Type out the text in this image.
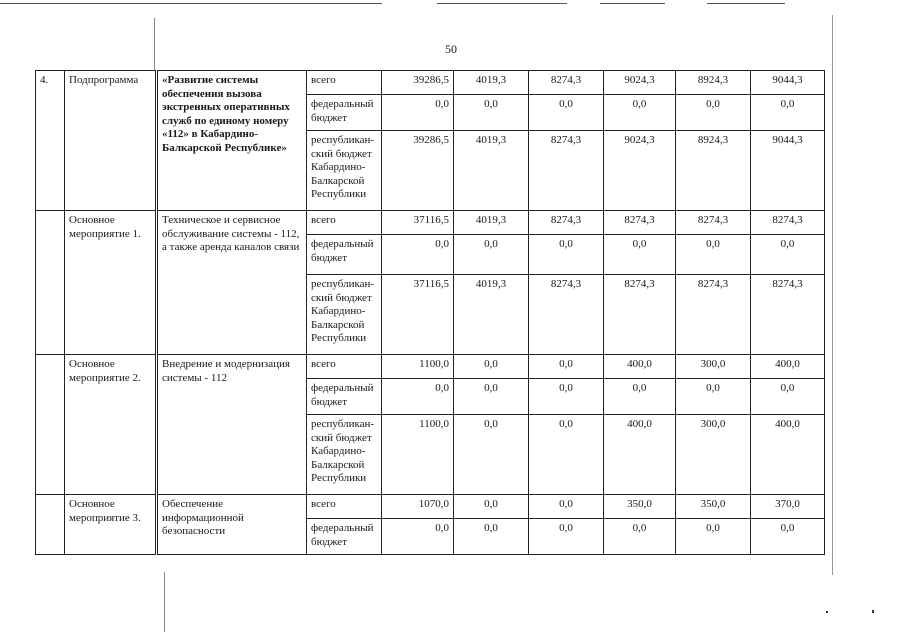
50
4.	Подпрограмма	«Развитие системы обеспечения вызова экстренных оперативных служб по единому номеру «112» в Кабардино-Балкарской Республике»	всего	39286,5	4019,3	8274,3	9024,3	8924,3	9044,3
			федеральный бюджет	0,0	0,0	0,0	0,0	0,0	0,0
			республикан-ский бюджет Кабардино-Балкарской Республики	39286,5	4019,3	8274,3	9024,3	8924,3	9044,3
	Основное мероприятие 1.	Техническое и сервисное обслуживание системы - 112, а также аренда каналов связи	всего	37116,5	4019,3	8274,3	8274,3	8274,3	8274,3
			федеральный бюджет	0,0	0,0	0,0	0,0	0,0	0,0
			республикан-ский бюджет Кабардино-Балкарской Республики	37116,5	4019,3	8274,3	8274,3	8274,3	8274,3
	Основное мероприятие 2.	Внедрение и модернизация системы - 112	всего	1100,0	0,0	0,0	400,0	300,0	400,0
			федеральный бюджет	0,0	0,0	0,0	0,0	0,0	0,0
			республикан-ский бюджет Кабардино-Балкарской Республики	1100,0	0,0	0,0	400,0	300,0	400,0
	Основное мероприятие 3.	Обеспечение информационной безопасности	всего	1070,0	0,0	0,0	350,0	350,0	370,0
			федеральный бюджет	0,0	0,0	0,0	0,0	0,0	0,0
